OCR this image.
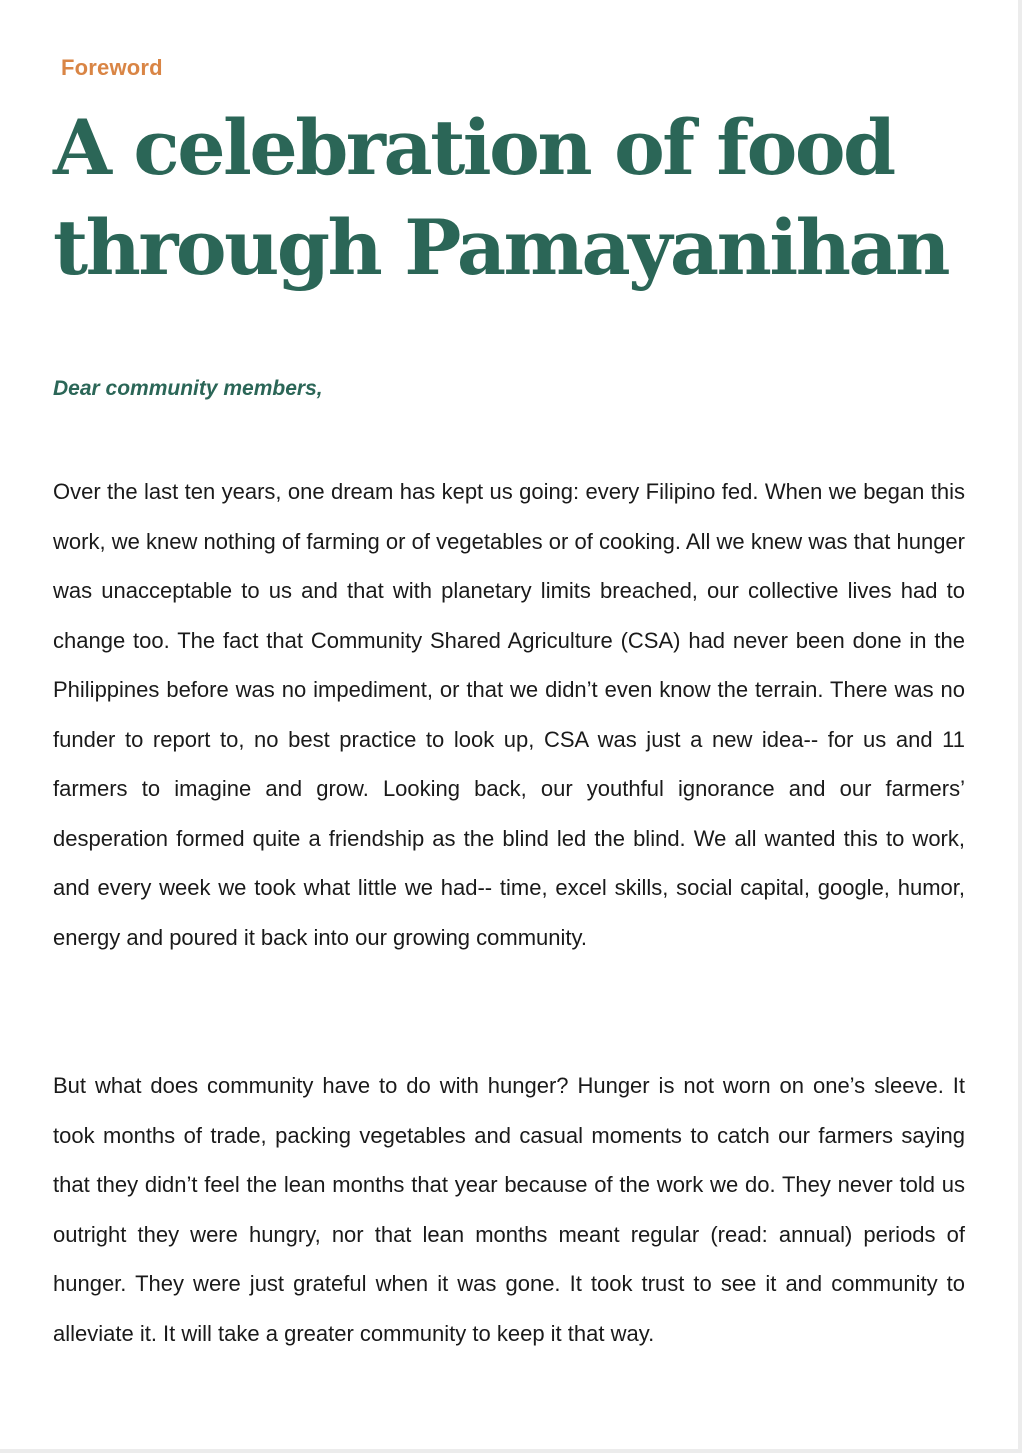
Foreword
A celebration of food through Pamayanihan
Dear community members,

Over the last ten years, one dream has kept us going: every Filipino fed. When we began this work, we knew nothing of farming or of vegetables or of cooking. All we knew was that hunger was unacceptable to us and that with planetary limits breached, our collective lives had to change too. The fact that Community Shared Agriculture (CSA) had never been done in the Philippines before was no impediment, or that we didn’t even know the terrain. There was no funder to report to, no best practice to look up, CSA was just a new idea-- for us and 11 farmers to imagine and grow. Looking back, our youthful ignorance and our farmers’ desperation formed quite a friendship as the blind led the blind. We all wanted this to work, and every week we took what little we had-- time, excel skills, social capital, google, humor, energy and poured it back into our growing community.

But what does community have to do with hunger? Hunger is not worn on one’s sleeve. It took months of trade, packing vegetables and casual moments to catch our farmers saying that they didn’t feel the lean months that year because of the work we do. They never told us outright they were hungry, nor that lean months meant regular (read: annual) periods of hunger. They were just grateful when it was gone. It took trust to see it and community to alleviate it. It will take a greater community to keep it that way.
